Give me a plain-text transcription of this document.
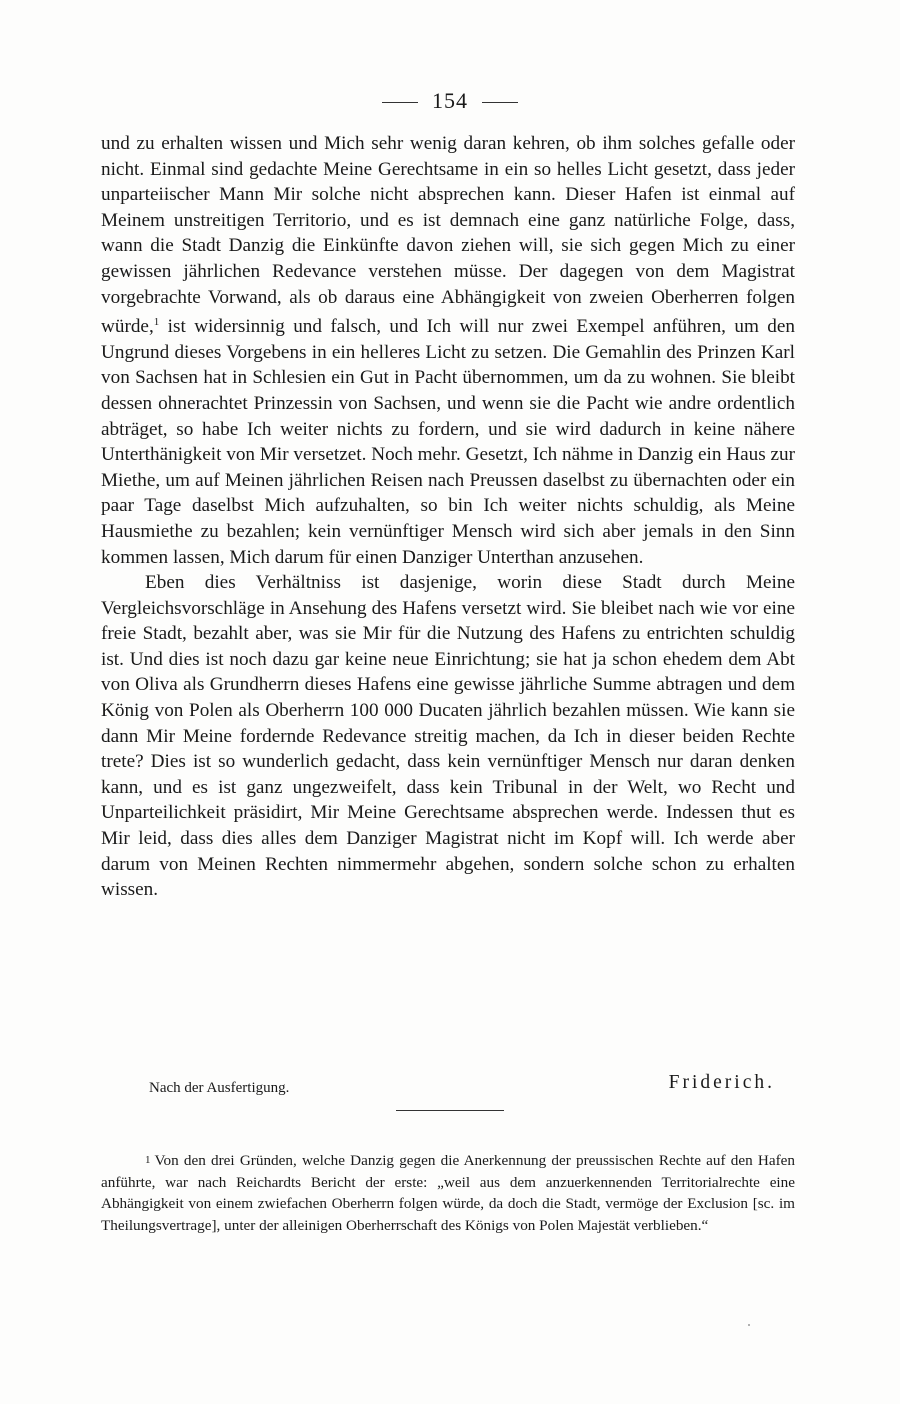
154

und zu erhalten wissen und Mich sehr wenig daran kehren, ob ihm solches gefalle oder nicht. Einmal sind gedachte Meine Gerechtsame in ein so helles Licht gesetzt, dass jeder unparteiischer Mann Mir solche nicht absprechen kann. Dieser Hafen ist einmal auf Meinem unstreitigen Territorio, und es ist demnach eine ganz natürliche Folge, dass, wann die Stadt Danzig die Einkünfte davon ziehen will, sie sich gegen Mich zu einer gewissen jährlichen Redevance verstehen müsse. Der dagegen von dem Magistrat vorgebrachte Vorwand, als ob daraus eine Abhängigkeit von zweien Oberherren folgen würde,$^1$ ist widersinnig und falsch, und Ich will nur zwei Exempel anführen, um den Ungrund dieses Vorgebens in ein helleres Licht zu setzen. Die Gemahlin des Prinzen Karl von Sachsen hat in Schlesien ein Gut in Pacht übernommen, um da zu wohnen. Sie bleibt dessen ohnerachtet Prinzessin von Sachsen, und wenn sie die Pacht wie andre ordentlich abträget, so habe Ich weiter nichts zu fordern, und sie wird dadurch in keine nähere Unterthänigkeit von Mir versetzet. Noch mehr. Gesetzt, Ich nähme in Danzig ein Haus zur Miethe, um auf Meinen jährlichen Reisen nach Preussen daselbst zu übernachten oder ein paar Tage daselbst Mich aufzuhalten, so bin Ich weiter nichts schuldig, als Meine Hausmiethe zu bezahlen; kein vernünftiger Mensch wird sich aber jemals in den Sinn kommen lassen, Mich darum für einen Danziger Unterthan anzusehen.

Eben dies Verhältniss ist dasjenige, worin diese Stadt durch Meine Vergleichsvorschläge in Ansehung des Hafens versetzt wird. Sie bleibet nach wie vor eine freie Stadt, bezahlt aber, was sie Mir für die Nutzung des Hafens zu entrichten schuldig ist. Und dies ist noch dazu gar keine neue Einrichtung; sie hat ja schon ehedem dem Abt von Oliva als Grundherrn dieses Hafens eine gewisse jährliche Summe abtragen und dem König von Polen als Oberherrn 100 000 Ducaten jährlich bezahlen müssen. Wie kann sie dann Mir Meine fordernde Redevance streitig machen, da Ich in dieser beiden Rechte trete? Dies ist so wunderlich gedacht, dass kein vernünftiger Mensch nur daran denken kann, und es ist ganz ungezweifelt, dass kein Tribunal in der Welt, wo Recht und Unparteilichkeit präsidirt, Mir Meine Gerechtsame absprechen werde. Indessen thut es Mir leid, dass dies alles dem Danziger Magistrat nicht im Kopf will. Ich werde aber darum von Meinen Rechten nimmermehr abgehen, sondern solche schon zu erhalten wissen.

Nach der Ausfertigung.	Friderich.
1 Von den drei Gründen, welche Danzig gegen die Anerkennung der preussischen Rechte auf den Hafen anführte, war nach Reichardts Bericht der erste: „weil aus dem anzuerkennenden Territorialrechte eine Abhängigkeit von einem zwiefachen Oberherrn folgen würde, da doch die Stadt, vermöge der Exclusion [sc. im Theilungsvertrage], unter der alleinigen Oberherrschaft des Königs von Polen Majestät verblieben.“
